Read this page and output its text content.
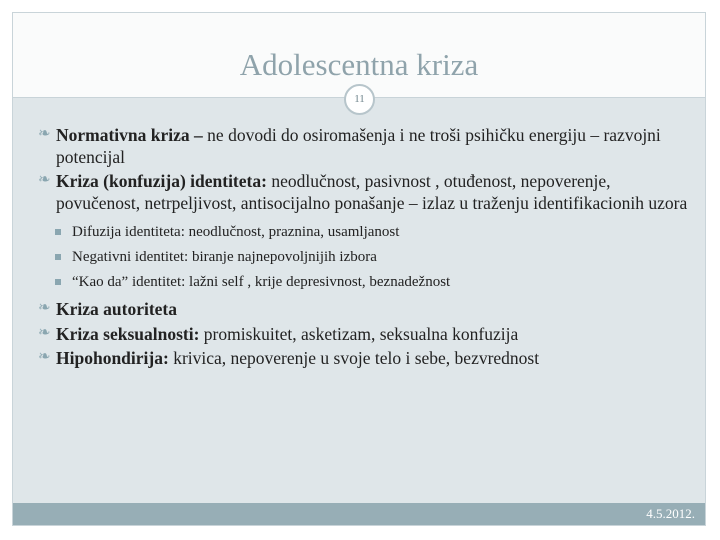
Adolescentna kriza
11
❧ Normativna kriza – ne dovodi do osiromašenja i ne troši psihičku energiju – razvojni potencijal
❧ Kriza (konfuzija) identiteta: neodlučnost, pasivnost , otuđenost, nepoverenje, povučenost, netrpeljivost, antisocijalno ponašanje – izlaz u traženju identifikacionih uzora
Difuzija identiteta: neodlučnost, praznina, usamljanost
Negativni identitet: biranje najnepovoljnijih izbora
“Kao da” identitet: lažni self , krije depresivnost, beznadežnost
❧ Kriza autoriteta
❧ Kriza seksualnosti: promiskuitet, asketizam, seksualna konfuzija
❧ Hipohondirija: krivica, nepoverenje u svoje telo i sebe, bezvrednost
4.5.2012.
